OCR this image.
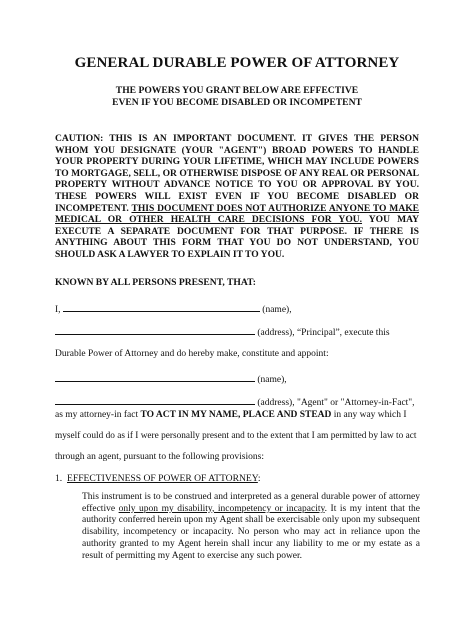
GENERAL DURABLE POWER OF ATTORNEY
THE POWERS YOU GRANT BELOW ARE EFFECTIVE
EVEN IF YOU BECOME DISABLED OR INCOMPETENT
CAUTION: THIS IS AN IMPORTANT DOCUMENT. IT GIVES THE PERSON WHOM YOU DESIGNATE (YOUR "AGENT") BROAD POWERS TO HANDLE YOUR PROPERTY DURING YOUR LIFETIME, WHICH MAY INCLUDE POWERS TO MORTGAGE, SELL, OR OTHERWISE DISPOSE OF ANY REAL OR PERSONAL PROPERTY WITHOUT ADVANCE NOTICE TO YOU OR APPROVAL BY YOU. THESE POWERS WILL EXIST EVEN IF YOU BECOME DISABLED OR INCOMPETENT. THIS DOCUMENT DOES NOT AUTHORIZE ANYONE TO MAKE MEDICAL OR OTHER HEALTH CARE DECISIONS FOR YOU. YOU MAY EXECUTE A SEPARATE DOCUMENT FOR THAT PURPOSE. IF THERE IS ANYTHING ABOUT THIS FORM THAT YOU DO NOT UNDERSTAND, YOU SHOULD ASK A LAWYER TO EXPLAIN IT TO YOU.
KNOWN BY ALL PERSONS PRESENT, THAT:
I,	(name),
(address), “Principal”, execute this
Durable Power of Attorney and do hereby make, constitute and appoint:
(name),
(address), "Agent" or "Attorney-in-Fact",
as my attorney-in fact TO ACT IN MY NAME, PLACE AND STEAD in any way which I
myself could do as if I were personally present and to the extent that I am permitted by law to act
1. EFFECTIVENESS OF POWER OF ATTORNEY:
This instrument is to be construed and interpreted as a general durable power of attorney effective only upon my disability, incompetency or incapacity. It is my intent that the authority conferred herein upon my Agent shall be exercisable only upon my subsequent disability, incompetency or incapacity. No person who may act in reliance upon the authority granted to my Agent herein shall incur any liability to me or my estate as a result of permitting my Agent to exercise any such power.
through an agent, pursuant to the following provisions:
